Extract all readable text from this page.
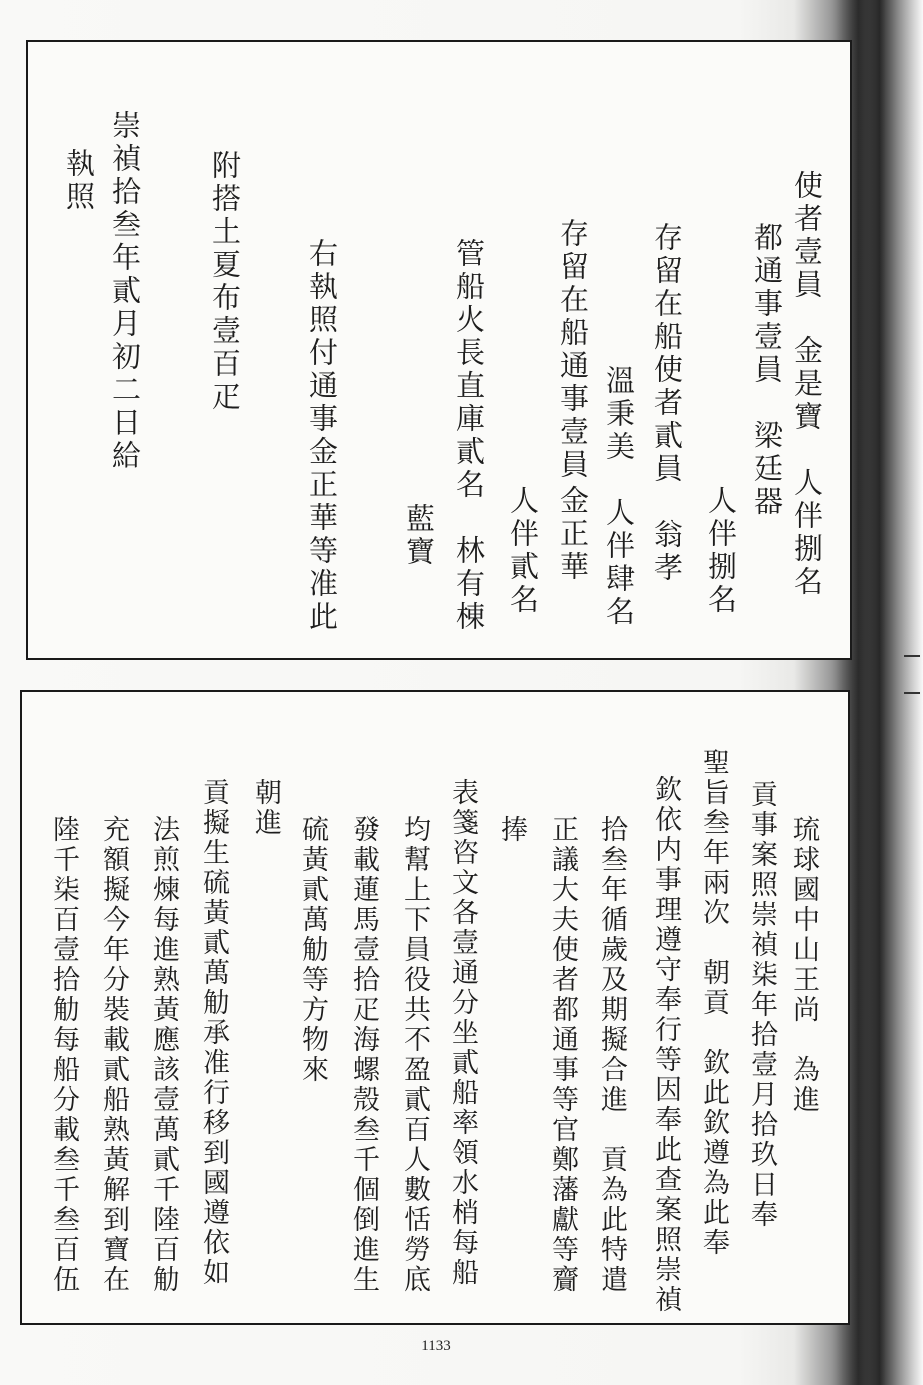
使者壹員　金是寶　人伴捌名
都通事壹員　梁廷器
人伴捌名
存留在船使者貳員　翁孝
溫秉美　人伴肆名
存留在船通事壹員
金正華
人伴貳名
管船火長直庫貳名　林有棟
藍寶
右執照付通事金正華等准此
附搭土夏布壹百疋
崇禎拾叁年貳月初二日給
執照
琉球國中山王尚　為進
貢事案照崇禎柒年拾壹月拾玖日奉
聖旨叁年兩次　朝貢　欽此欽遵為此奉
欽依内事理遵守奉行等因奉此查案照崇禎
拾叁年循歲及期擬合進　貢為此特遣
正議大夫使者都通事等官鄭藩獻等齎
捧
表箋咨文各壹通分坐貳船率領水梢每船
均幫上下員役共不盈貳百人數恬勞底
發載蓮馬壹拾疋海螺殼叁千個倒進生
硫黃貳萬觔等方物來
朝進
貢擬生硫黃貳萬觔承准行移到國遵依如
法煎煉每進熟黃應該壹萬貳千陸百觔
充額擬今年分裝載貳船熟黃解到寶在
陸千柒百壹拾觔每船分載叁千叁百伍
1133
